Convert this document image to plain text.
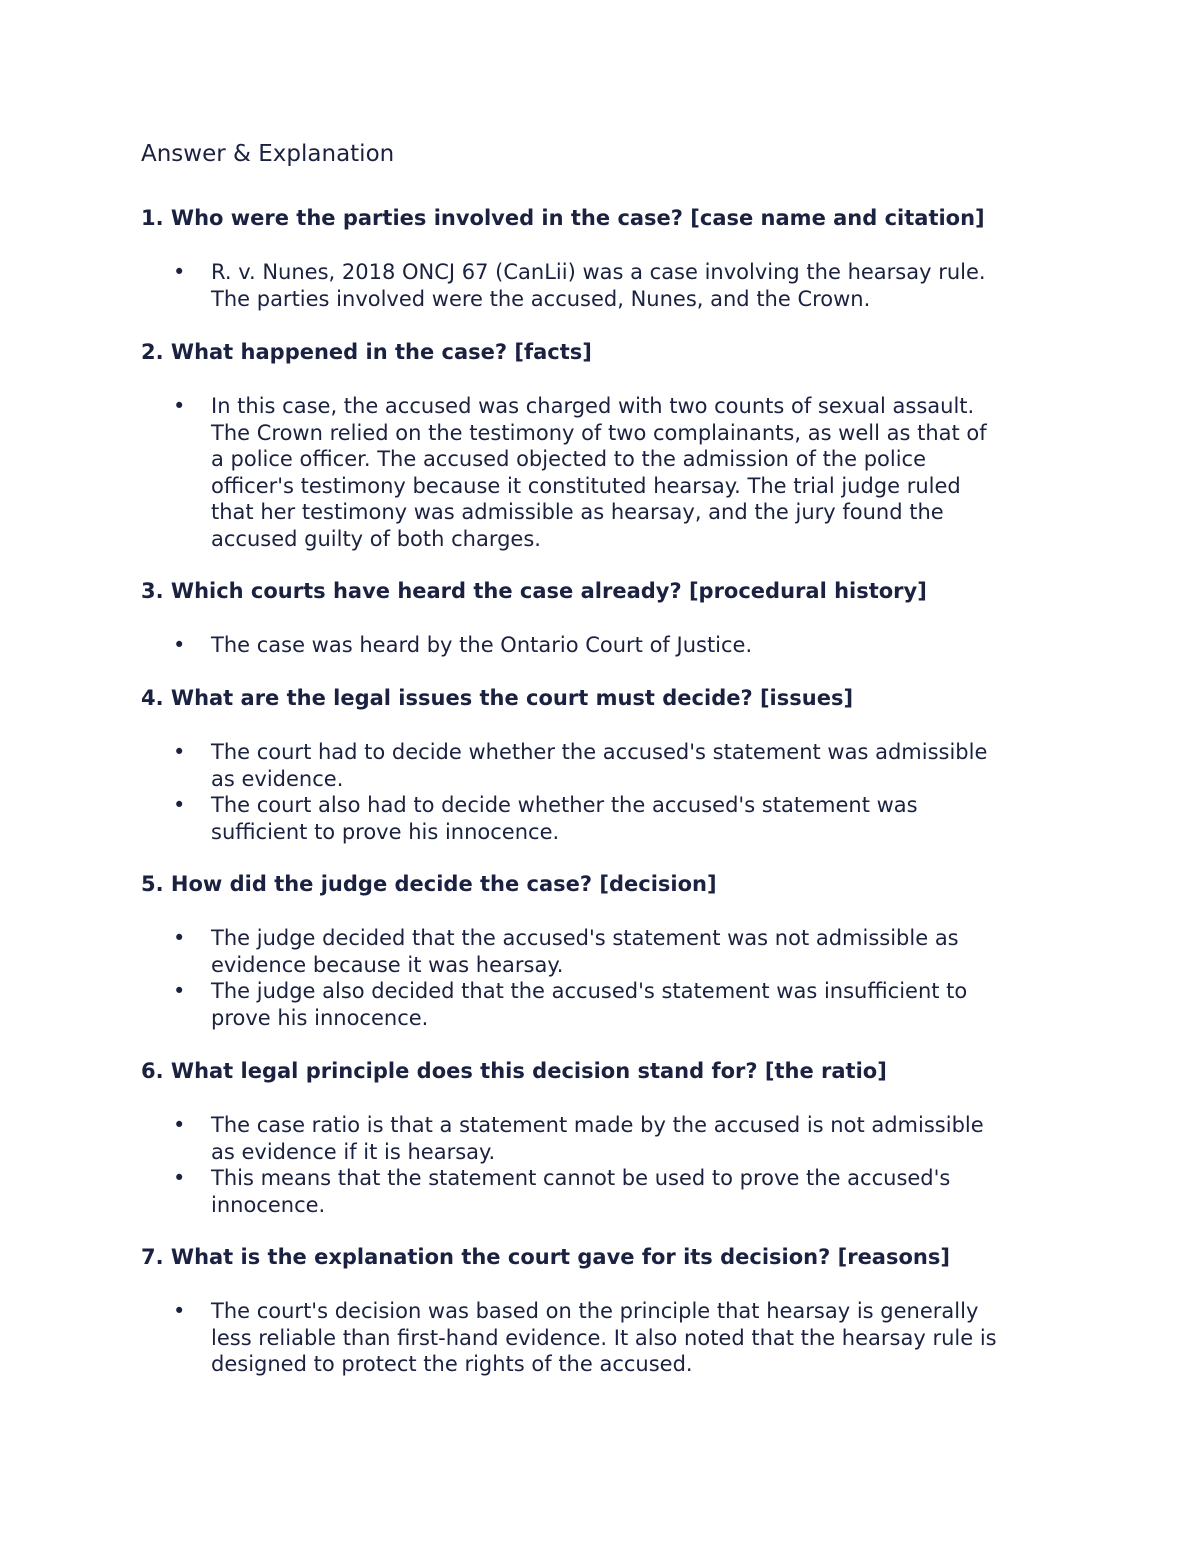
Answer & Explanation
1. Who were the parties involved in the case? [case name and citation]
• R. v. Nunes, 2018 ONCJ 67 (CanLii) was a case involving the hearsay rule.
The parties involved were the accused, Nunes, and the Crown.
2. What happened in the case? [facts]
• In this case, the accused was charged with two counts of sexual assault.
The Crown relied on the testimony of two complainants, as well as that of
a police officer. The accused objected to the admission of the police
officer's testimony because it constituted hearsay. The trial judge ruled
that her testimony was admissible as hearsay, and the jury found the
accused guilty of both charges.
3. Which courts have heard the case already? [procedural history]
• The case was heard by the Ontario Court of Justice.
4. What are the legal issues the court must decide? [issues]
• The court had to decide whether the accused's statement was admissible
as evidence.
• The court also had to decide whether the accused's statement was
sufficient to prove his innocence.
5. How did the judge decide the case? [decision]
• The judge decided that the accused's statement was not admissible as
evidence because it was hearsay.
• The judge also decided that the accused's statement was insufficient to
prove his innocence.
6. What legal principle does this decision stand for? [the ratio]
• The case ratio is that a statement made by the accused is not admissible
as evidence if it is hearsay.
• This means that the statement cannot be used to prove the accused's
innocence.
7. What is the explanation the court gave for its decision? [reasons]
• The court's decision was based on the principle that hearsay is generally
less reliable than first-hand evidence. It also noted that the hearsay rule is
designed to protect the rights of the accused.
